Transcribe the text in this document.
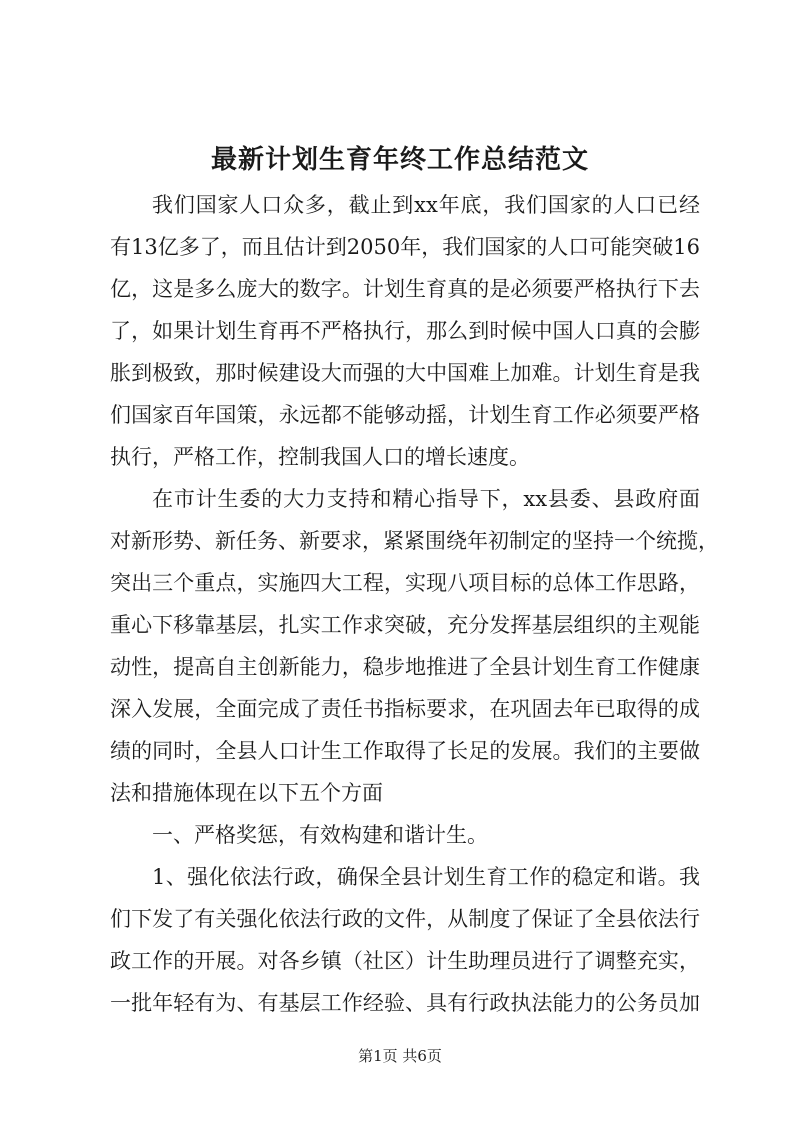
最新计划生育年终工作总结范文
我们国家人口众多，截止到xx年底，我们国家的人口已经
有13亿多了，而且估计到2050年，我们国家的人口可能突破16
亿，这是多么庞大的数字。计划生育真的是必须要严格执行下去
了，如果计划生育再不严格执行，那么到时候中国人口真的会膨
胀到极致，那时候建设大而强的大中国难上加难。计划生育是我
们国家百年国策，永远都不能够动摇，计划生育工作必须要严格
执行，严格工作，控制我国人口的增长速度。
在市计生委的大力支持和精心指导下，xx县委、县政府面
对新形势、新任务、新要求，紧紧围绕年初制定的坚持一个统揽，
突出三个重点，实施四大工程，实现八项目标的总体工作思路，
重心下移靠基层，扎实工作求突破，充分发挥基层组织的主观能
动性，提高自主创新能力，稳步地推进了全县计划生育工作健康
深入发展，全面完成了责任书指标要求，在巩固去年已取得的成
绩的同时，全县人口计生工作取得了长足的发展。我们的主要做
法和措施体现在以下五个方面
一、严格奖惩，有效构建和谐计生。
1、强化依法行政，确保全县计划生育工作的稳定和谐。我
们下发了有关强化依法行政的文件，从制度了保证了全县依法行
政工作的开展。对各乡镇（社区）计生助理员进行了调整充实，
一批年轻有为、有基层工作经验、具有行政执法能力的公务员加
第1页 共6页
